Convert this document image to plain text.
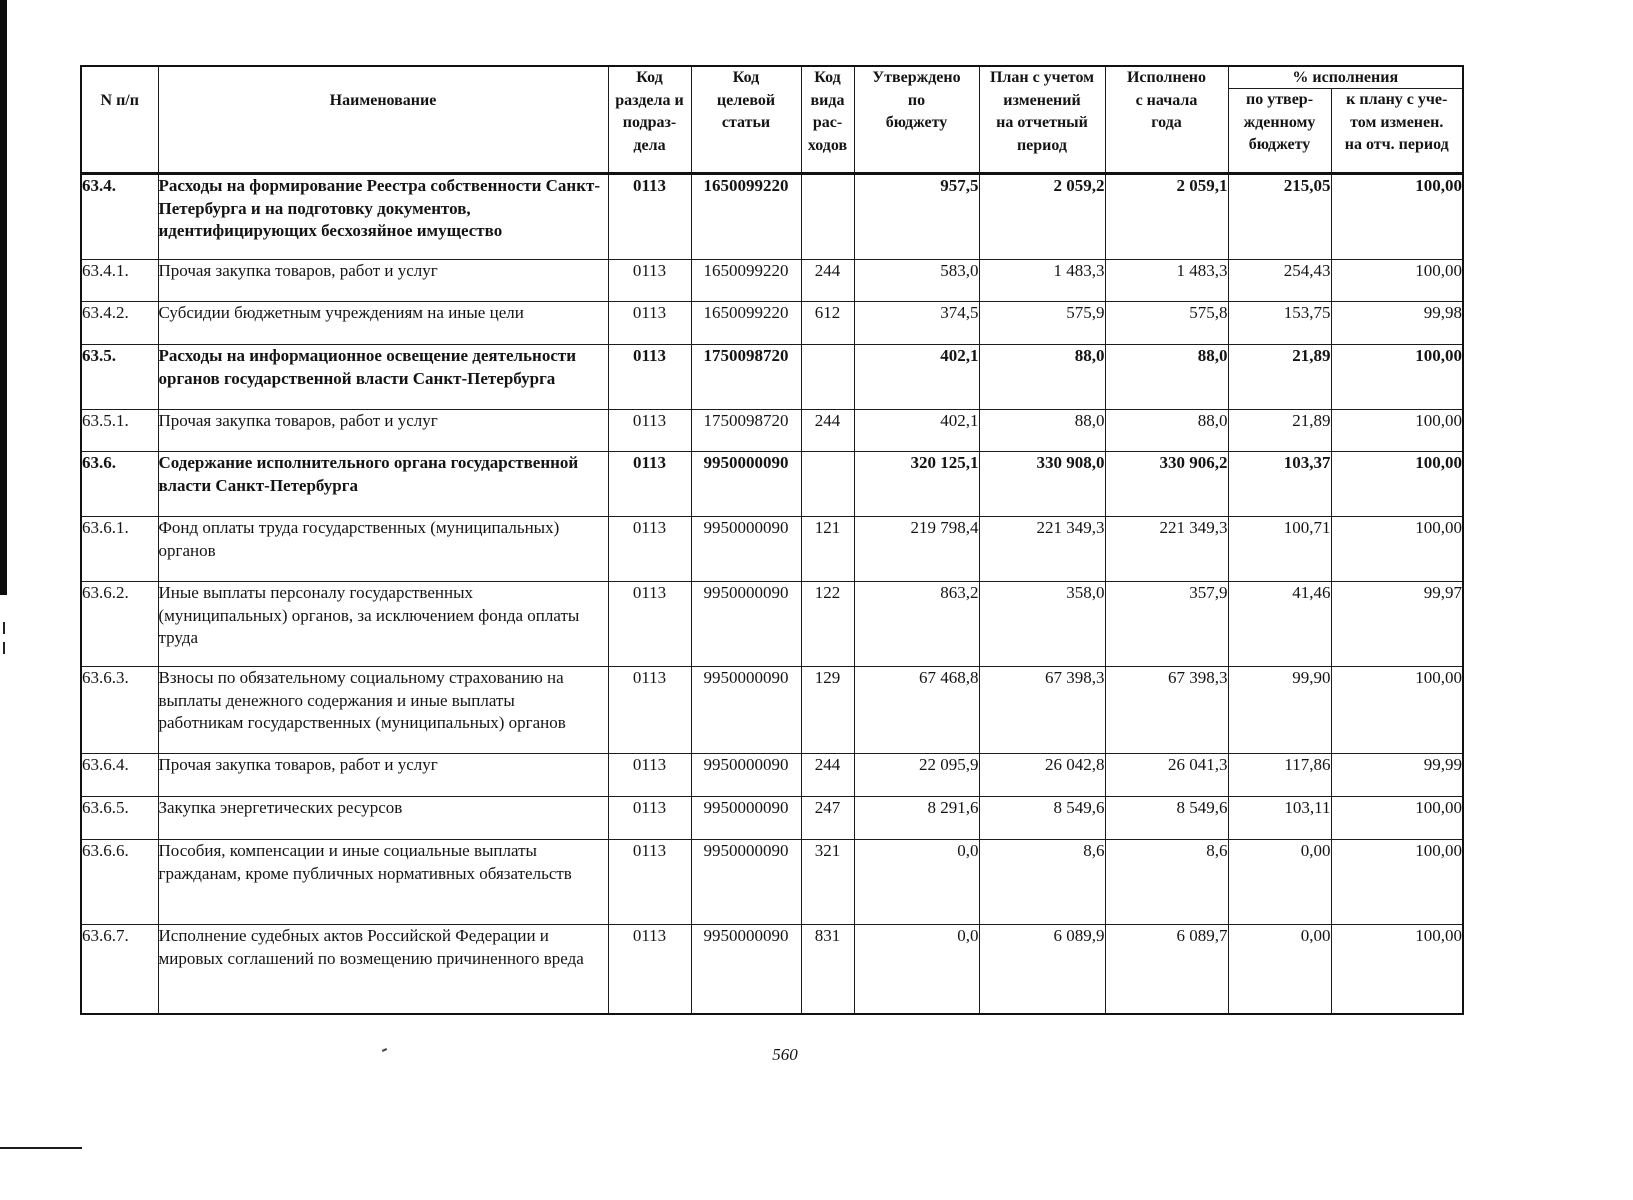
N п/п	Наименование	Код
раздела и
подраз-
дела	Код
целевой
статьи	Код
вида
рас-
ходов	Утверждено
по
бюджету	План с учетом
изменений
на отчетный
период	Исполнено
с начала
года	% исполнения	
								по утвер-
жденному
бюджету	к плану с уче-
том изменен.
на отч. период
63.4.	Расходы на формирование Реестра собственности Санкт-
Петербурга и на подготовку документов,
идентифицирующих бесхозяйное имущество	0113	1650099220		957,5	2 059,2	2 059,1	215,05	100,00
63.4.1.	Прочая закупка товаров, работ и услуг	0113	1650099220	244	583,0	1 483,3	1 483,3	254,43	100,00
63.4.2.	Субсидии бюджетным учреждениям на иные цели	0113	1650099220	612	374,5	575,9	575,8	153,75	99,98
63.5.	Расходы на информационное освещение деятельности
органов государственной власти Санкт-Петербурга	0113	1750098720		402,1	88,0	88,0	21,89	100,00
63.5.1.	Прочая закупка товаров, работ и услуг	0113	1750098720	244	402,1	88,0	88,0	21,89	100,00
63.6.	Содержание исполнительного органа государственной
власти Санкт-Петербурга	0113	9950000090		320 125,1	330 908,0	330 906,2	103,37	100,00
63.6.1.	Фонд оплаты труда государственных (муниципальных)
органов	0113	9950000090	121	219 798,4	221 349,3	221 349,3	100,71	100,00
63.6.2.	Иные выплаты персоналу государственных
(муниципальных) органов, за исключением фонда оплаты
труда	0113	9950000090	122	863,2	358,0	357,9	41,46	99,97
63.6.3.	Взносы по обязательному социальному страхованию на
выплаты денежного содержания и иные выплаты
работникам государственных (муниципальных) органов	0113	9950000090	129	67 468,8	67 398,3	67 398,3	99,90	100,00
63.6.4.	Прочая закупка товаров, работ и услуг	0113	9950000090	244	22 095,9	26 042,8	26 041,3	117,86	99,99
63.6.5.	Закупка энергетических ресурсов	0113	9950000090	247	8 291,6	8 549,6	8 549,6	103,11	100,00
63.6.6.	Пособия, компенсации и иные социальные выплаты
гражданам, кроме публичных нормативных обязательств	0113	9950000090	321	0,0	8,6	8,6	0,00	100,00
63.6.7.	Исполнение судебных актов Российской Федерации и
мировых соглашений по возмещению причиненного вреда	0113	9950000090	831	0,0	6 089,9	6 089,7	0,00	100,00
560
